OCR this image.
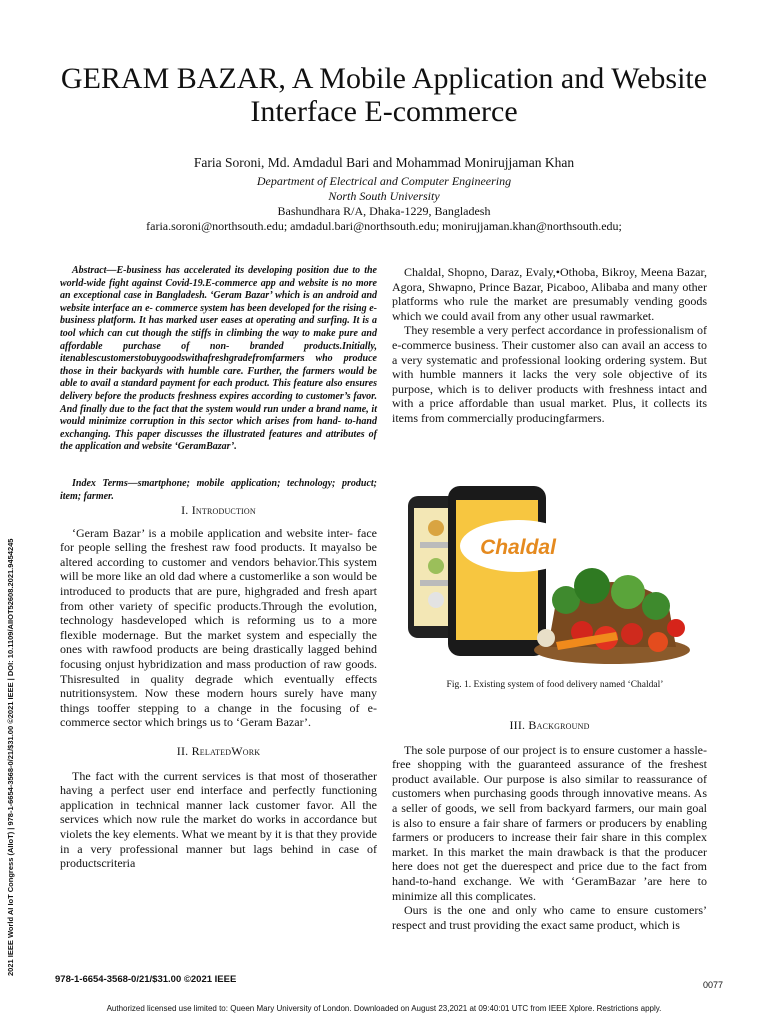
2021 IEEE World AI IoT Congress (AIIoT) | 978-1-6654-3568-0/21/$31.00 ©2021 IEEE | DOI: 10.1109/AIIOT52608.2021.9454245
GERAM BAZAR, A Mobile Application and Website Interface E-commerce
Faria Soroni, Md. Amdadul Bari and Mohammad Monirujjaman Khan
Department of Electrical and Computer Engineering
North South University
Bashundhara R/A, Dhaka-1229, Bangladesh
faria.soroni@northsouth.edu; amdadul.bari@northsouth.edu; monirujjaman.khan@northsouth.edu;

Abstract—E-business has accelerated its developing position due to the world-wide fight against Covid-19.E-commerce app and website is no more an exceptional case in Bangladesh. ‘Geram Bazar’ which is an android and website interface an e- commerce system has been developed for the rising e-business platform. It has marked user eases at operating and surfing. It is a tool which can cut though the stiffs in climbing the way to make pure and affordable purchase of non- branded products.Initially, itenablescustomerstobuygoodswithafreshgradefromfarmers who produce those in their backyards with humble care. Further, the farmers would be able to avail a standard payment for each product. This feature also ensures delivery before the products freshness expires according to customer’s favor. And finally due to the fact that the system would run under a brand name, it would minimize corruption in this sector which arises from hand- to-hand exchanging. This paper discusses the illustrated features and attributes of the application and website ‘GeramBazar’.

Index Terms—smartphone; mobile application; technology; product; item; farmer.

I. Introduction

‘Geram Bazar’ is a mobile application and website inter- face for people selling the freshest raw food products. It mayalso be altered according to customer and vendors behavior.This system will be more like an old dad where a customerlike a son would be introduced to products that are pure, highgraded and fresh apart from other variety of specific products.Through the evolution, technology hasdeveloped which is reforming us to a more flexible modernage. But the market system and especially the ones with rawfood products are being drastically lagged behind focusing onjust hybridization and mass production of raw goods. Thisresulted in quality degrade which eventually effects nutritionsystem. Now these modern hours surely have many things tooffer stepping to a change in the focusing of e- commerce sector which brings us to ‘Geram Bazar’.

II. RelatedWork

The fact with the current services is that most of thoserather having a perfect user end interface and perfectly functioning application in technical manner lack customer favor. All the services which now rule the market do works in accordance but violets the key elements. What we meant by it is that they provide in a very professional manner but lags behind in case of productscriteria

Chaldal, Shopno, Daraz, Evaly,•Othoba, Bikroy, Meena Bazar, Agora, Shwapno, Prince Bazar, Picaboo, Alibaba and many other platforms who rule the market are presumably vending goods which we could avail from any other usual rawmarket.

They resemble a very perfect accordance in professionalism of e-commerce business. Their customer also can avail an access to a very systematic and professional looking ordering system. But with humble manners it lacks the very sole objective of its purpose, which is to deliver products with freshness intact and with a price affordable than usual market. Plus, it collects its items from commercially producingfarmers.

Chaldal
Fig. 1. Existing system of food delivery named ‘Chaldal’

III. Background

The sole purpose of our project is to ensure customer a hassle-free shopping with the guaranteed assurance of the freshest product available. Our purpose is also similar to reassurance of customers when purchasing goods through innovative means. As a seller of goods, we sell from backyard farmers, our main goal is also to ensure a fair share of farmers or producers by enabling farmers or producers to increase their fair share in this complex market. In this market the main drawback is that the producer here does not get the duerespect and price due to the fact from hand-to-hand exchange. We with ‘GeramBazar ’are here to minimize all this complicates.

Ours is the one and only who came to ensure customers’ respect and trust providing the exact same product, which is

978-1-6654-3568-0/21/$31.00 ©2021 IEEE	0077
Authorized licensed use limited to: Queen Mary University of London. Downloaded on August 23,2021 at 09:40:01 UTC from IEEE Xplore. Restrictions apply.
